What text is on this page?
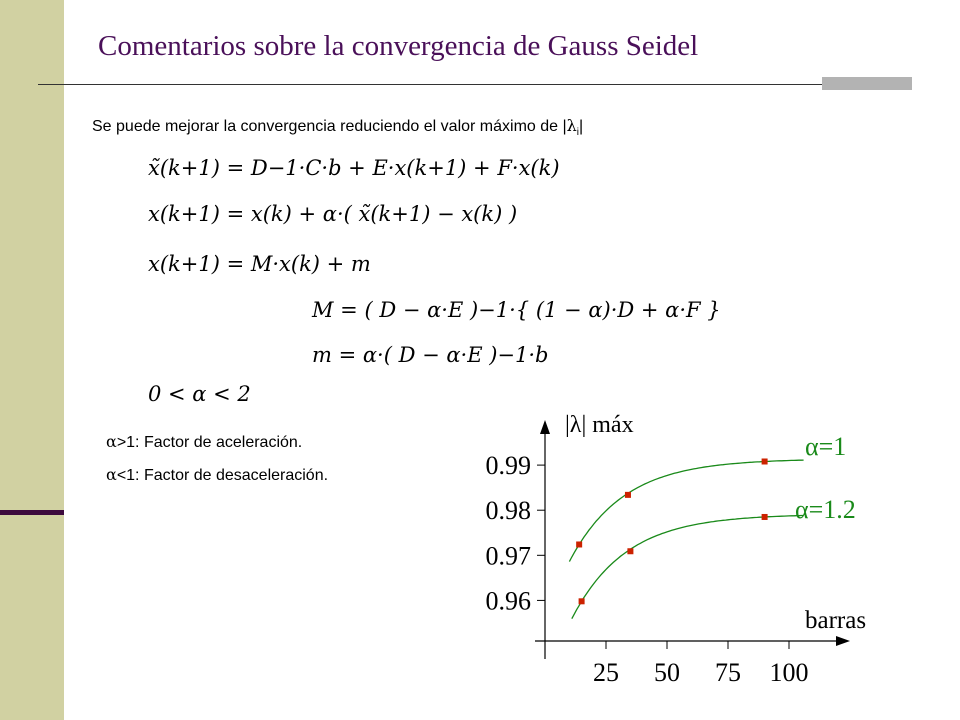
Comentarios sobre la convergencia de Gauss Seidel
Se puede mejorar la convergencia reduciendo el valor máximo de $|\lambda_i|$
x̃(k+1) = D−1·C·b + E·x(k+1) + F·x(k)
x(k+1) = x(k) + α·( x̃(k+1) − x(k) )
x(k+1) = M·x(k) + m
M = ( D − α·E )−1·{ (1 − α)·D + α·F }
m = α·( D − α·E )−1·b
0 < α < 2
α>1: Factor de aceleración.
α<1: Factor de desaceleración.
0.96
0.97
0.98
0.99
25 50 75 100
|λ| máx
barras
α=1
α=1.2
